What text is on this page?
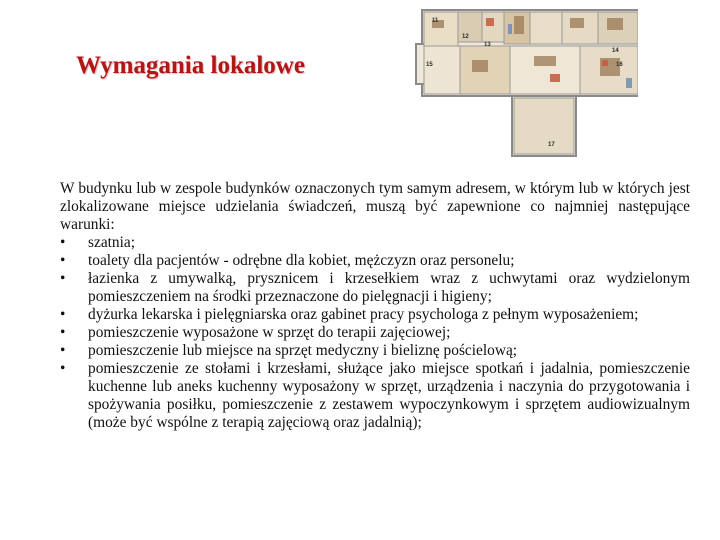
Wymagania lokalowe
11
12
13
14
15	16
17

W budynku lub w zespole budynków oznaczonych tym samym adresem, w którym lub w których jest zlokalizowane miejsce udzielania świadczeń, muszą być zapewnione co najmniej następujące warunki:

• szatnia;
• toalety dla pacjentów - odrębne dla kobiet, mężczyzn oraz personelu;
• łazienka z umywalką, prysznicem i krzesełkiem wraz z uchwytami oraz wydzielonym pomieszczeniem na środki przeznaczone do pielęgnacji i higieny;
• dyżurka lekarska i pielęgniarska oraz gabinet pracy psychologa z pełnym wyposażeniem;
• pomieszczenie wyposażone w sprzęt do terapii zajęciowej;
• pomieszczenie lub miejsce na sprzęt medyczny i bieliznę pościelową;
• pomieszczenie ze stołami i krzesłami, służące jako miejsce spotkań i jadalnia, pomieszczenie kuchenne lub aneks kuchenny wyposażony w sprzęt, urządzenia i naczynia do przygotowania i spożywania posiłku, pomieszczenie z zestawem wypoczynkowym i sprzętem audiowizualnym (może być wspólne z terapią zajęciową oraz jadalnią);
